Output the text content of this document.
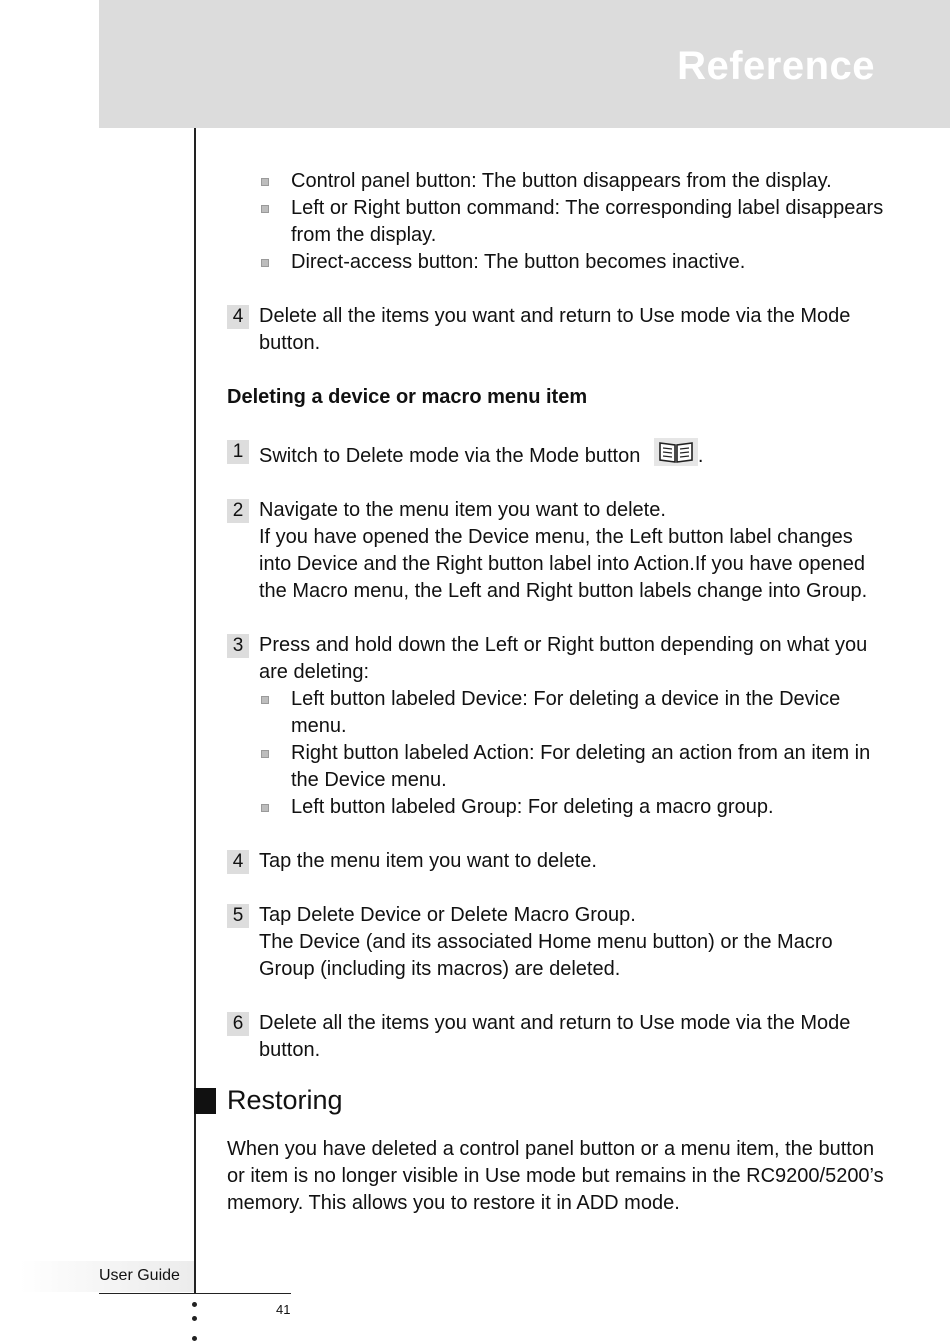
Reference
Control panel button: The button disappears from the display.
Left or Right button command: The corresponding label disappears from the display.
Direct-access button: The button becomes inactive.
4 Delete all the items you want and return to Use mode via the Mode button.
Deleting a device or macro menu item
1 Switch to Delete mode via the Mode button	.
2 Navigate to the menu item you want to delete.
If you have opened the Device menu, the Left button label changes into Device and the Right button label into Action.If you have opened the Macro menu, the Left and Right button labels change into Group.
3 Press and hold down the Left or Right button depending on what you are deleting:
Left button labeled Device: For deleting a device in the Device menu.
Right button labeled Action: For deleting an action from an item in the Device menu.
Left button labeled Group: For deleting a macro group.
4 Tap the menu item you want to delete.
5 Tap Delete Device or Delete Macro Group.
The Device (and its associated Home menu button) or the Macro Group (including its macros) are deleted.
6 Delete all the items you want and return to Use mode via the Mode button.
Restoring
When you have deleted a control panel button or a menu item, the button or item is no longer visible in Use mode but remains in the RC9200/5200’s memory. This allows you to restore it in ADD mode.
User Guide
41
